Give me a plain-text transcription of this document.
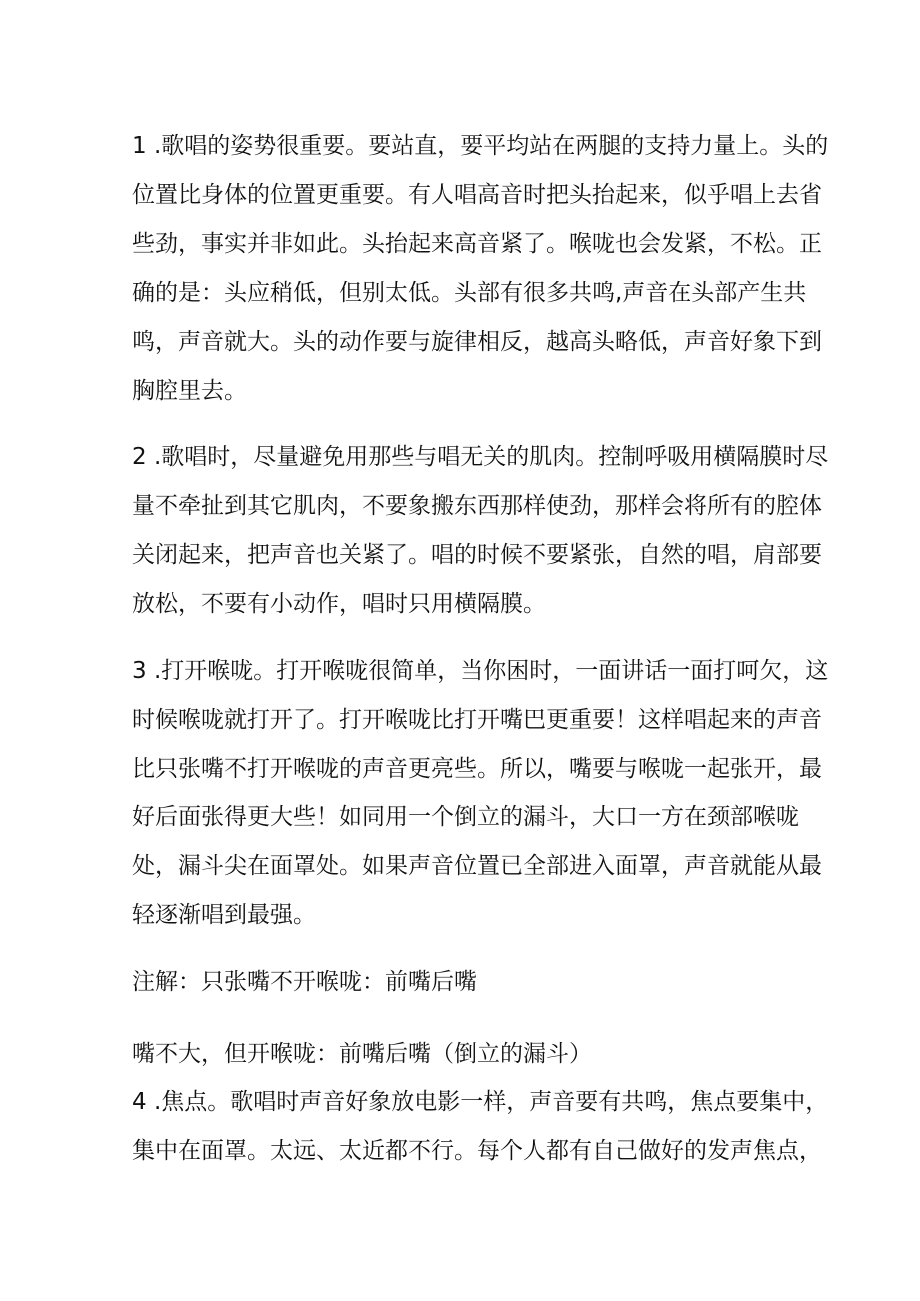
1 .歌唱的姿势很重要。要站直，要平均站在两腿的支持力量上。头的
位置比身体的位置更重要。有人唱高音时把头抬起来，似乎唱上去省
些劲，事实并非如此。头抬起来高音紧了。喉咙也会发紧，不松。正
确的是：头应稍低，但别太低。头部有很多共鸣,声音在头部产生共
鸣，声音就大。头的动作要与旋律相反，越高头略低，声音好象下到
胸腔里去。
2 .歌唱时，尽量避免用那些与唱无关的肌肉。控制呼吸用横隔膜时尽
量不牵扯到其它肌肉，不要象搬东西那样使劲，那样会将所有的腔体
关闭起来，把声音也关紧了。唱的时候不要紧张，自然的唱，肩部要
放松，不要有小动作，唱时只用横隔膜。
3 .打开喉咙。打开喉咙很简单，当你困时，一面讲话一面打呵欠，这
时候喉咙就打开了。打开喉咙比打开嘴巴更重要！这样唱起来的声音
比只张嘴不打开喉咙的声音更亮些。所以，嘴要与喉咙一起张开，最
好后面张得更大些！如同用一个倒立的漏斗，大口一方在颈部喉咙
处，漏斗尖在面罩处。如果声音位置已全部进入面罩，声音就能从最
轻逐渐唱到最强。
注解：只张嘴不开喉咙：前嘴后嘴
嘴不大，但开喉咙：前嘴后嘴（倒立的漏斗）
4 .焦点。歌唱时声音好象放电影一样，声音要有共鸣，焦点要集中，
集中在面罩。太远、太近都不行。每个人都有自己做好的发声焦点，
